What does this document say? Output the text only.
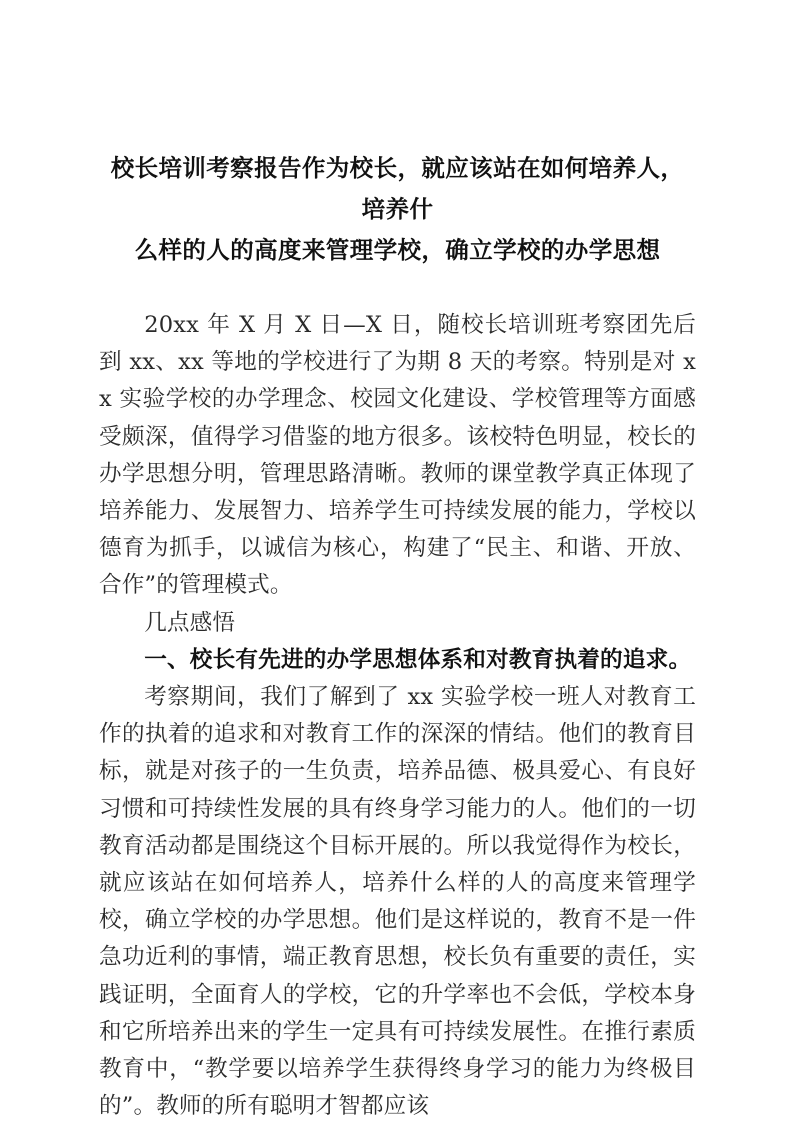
校长培训考察报告作为校长，就应该站在如何培养人，培养什
么样的人的高度来管理学校，确立学校的办学思想

20xx 年 X 月 X 日—X 日，随校长培训班考察团先后到 xx、xx 等地的学校进行了为期 8 天的考察。特别是对 xx 实验学校的办学理念、校园文化建设、学校管理等方面感受颇深，值得学习借鉴的地方很多。该校特色明显，校长的办学思想分明，管理思路清晰。教师的课堂教学真正体现了培养能力、发展智力、培养学生可持续发展的能力，学校以德育为抓手，以诚信为核心，构建了“民主、和谐、开放、合作”的管理模式。

几点感悟

一、校长有先进的办学思想体系和对教育执着的追求。

考察期间，我们了解到了 xx 实验学校一班人对教育工作的执着的追求和对教育工作的深深的情结。他们的教育目标，就是对孩子的一生负责，培养品德、极具爱心、有良好习惯和可持续性发展的具有终身学习能力的人。他们的一切教育活动都是围绕这个目标开展的。所以我觉得作为校长，就应该站在如何培养人，培养什么样的人的高度来管理学校，确立学校的办学思想。他们是这样说的，教育不是一件急功近利的事情，端正教育思想，校长负有重要的责任，实践证明，全面育人的学校，它的升学率也不会低，学校本身和它所培养出来的学生一定具有可持续发展性。在推行素质教育中，“教学要以培养学生获得终身学习的能力为终极目的”。教师的所有聪明才智都应该
